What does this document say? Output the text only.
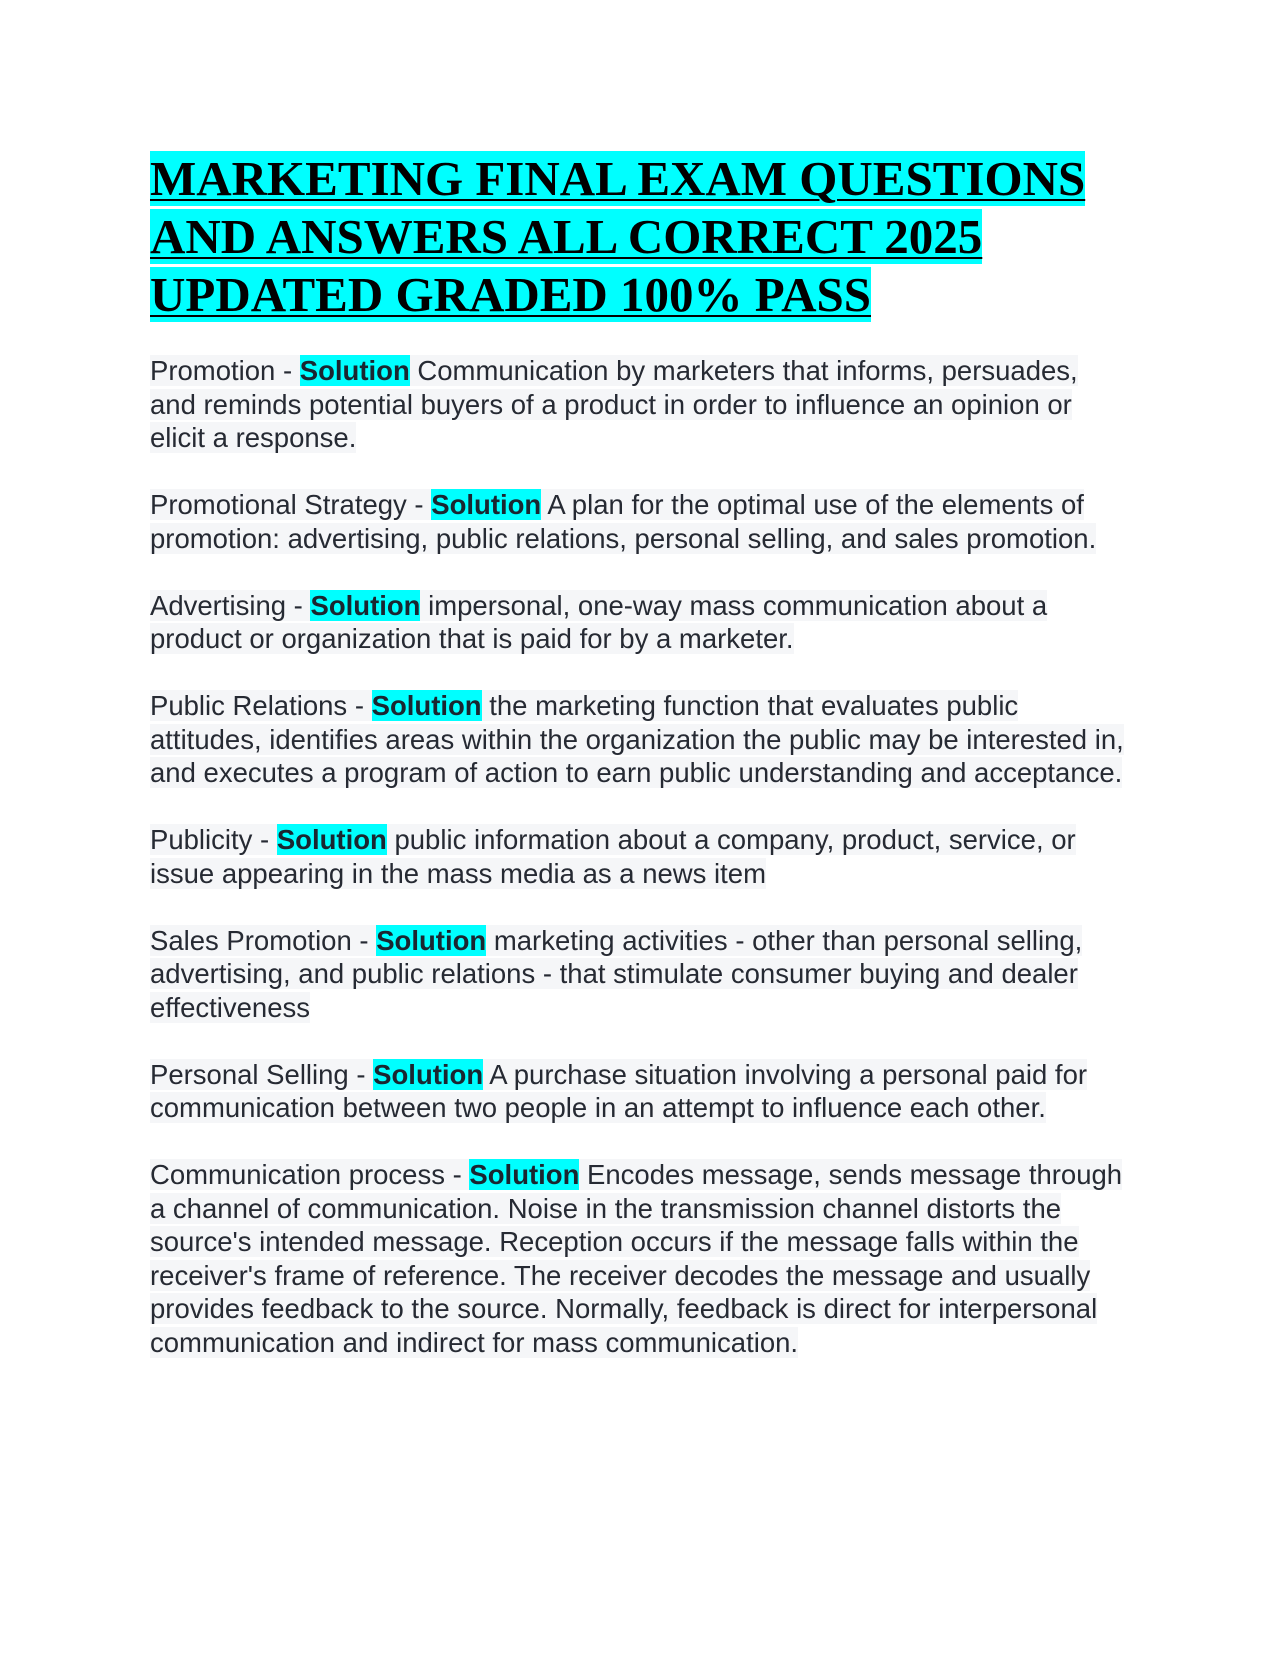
MARKETING FINAL EXAM QUESTIONS AND ANSWERS ALL CORRECT 2025 UPDATED GRADED 100% PASS

Promotion - Solution Communication by marketers that informs, persuades, and reminds potential buyers of a product in order to influence an opinion or elicit a response.

Promotional Strategy - Solution A plan for the optimal use of the elements of promotion: advertising, public relations, personal selling, and sales promotion.

Advertising - Solution impersonal, one-way mass communication about a product or organization that is paid for by a marketer.

Public Relations - Solution the marketing function that evaluates public attitudes, identifies areas within the organization the public may be interested in, and executes a program of action to earn public understanding and acceptance.

Publicity - Solution public information about a company, product, service, or issue appearing in the mass media as a news item

Sales Promotion - Solution marketing activities - other than personal selling, advertising, and public relations - that stimulate consumer buying and dealer effectiveness

Personal Selling - Solution A purchase situation involving a personal paid for communication between two people in an attempt to influence each other.

Communication process - Solution Encodes message, sends message through a channel of communication. Noise in the transmission channel distorts the source's intended message. Reception occurs if the message falls within the receiver's frame of reference. The receiver decodes the message and usually provides feedback to the source. Normally, feedback is direct for interpersonal communication and indirect for mass communication.
